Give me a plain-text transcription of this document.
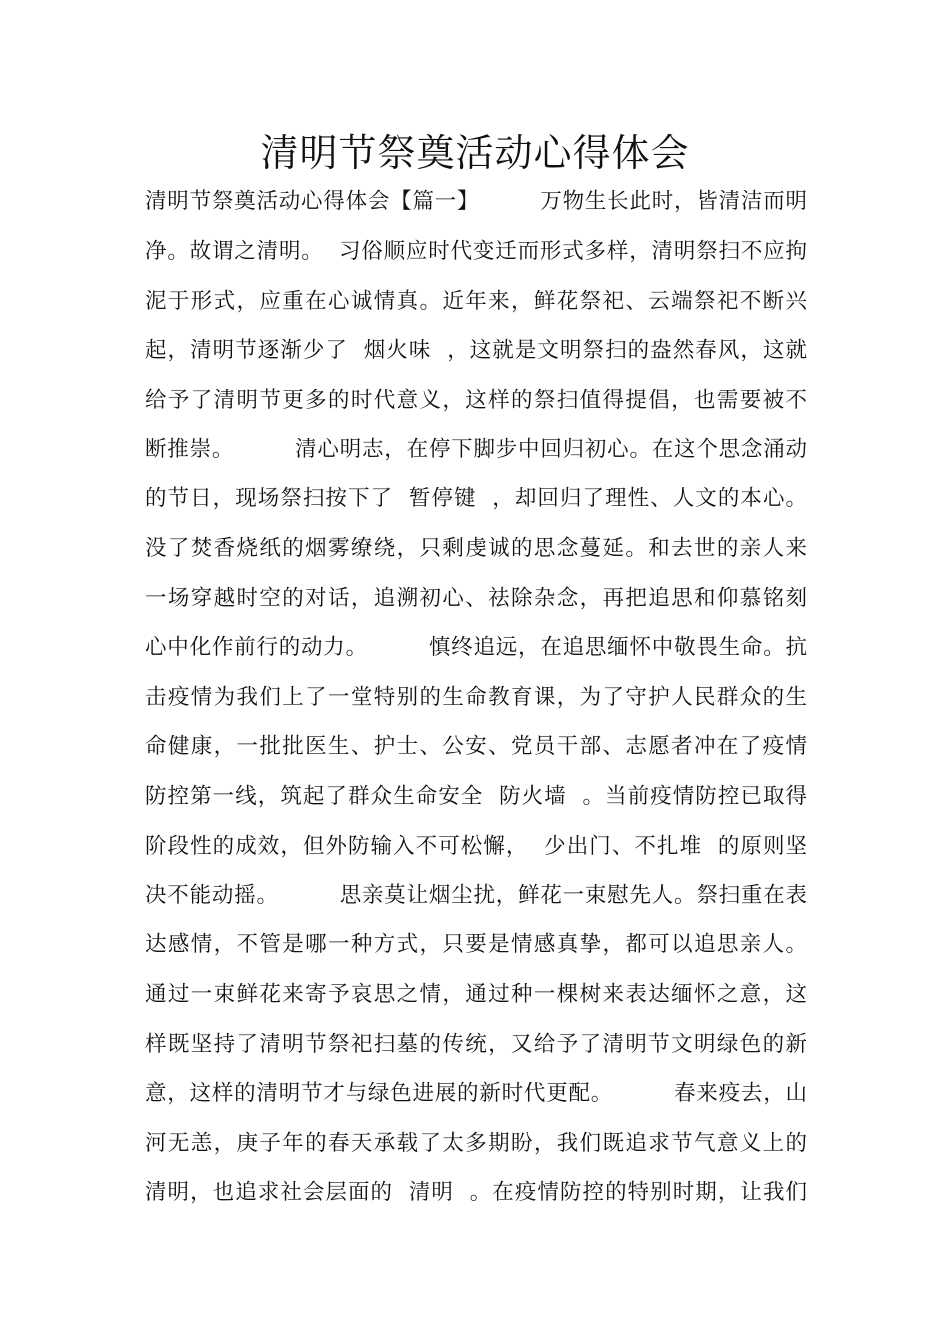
清明节祭奠活动心得体会
清明节祭奠活动心得体会【篇一】        万物生长此时，皆清洁而明
净。故谓之清明。  习俗顺应时代变迁而形式多样，清明祭扫不应拘
泥于形式，应重在心诚情真。近年来，鲜花祭祀、云端祭祀不断兴
起，清明节逐渐少了  烟火味  ，这就是文明祭扫的盎然春风，这就
给予了清明节更多的时代意义，这样的祭扫值得提倡，也需要被不
断推崇。        清心明志，在停下脚步中回归初心。在这个思念涌动
的节日，现场祭扫按下了  暂停键  ，却回归了理性、人文的本心。
没了焚香烧纸的烟雾缭绕，只剩虔诚的思念蔓延。和去世的亲人来
一场穿越时空的对话，追溯初心、祛除杂念，再把追思和仰慕铭刻
心中化作前行的动力。        慎终追远，在追思缅怀中敬畏生命。抗
击疫情为我们上了一堂特别的生命教育课，为了守护人民群众的生
命健康，一批批医生、护士、公安、党员干部、志愿者冲在了疫情
防控第一线，筑起了群众生命安全  防火墙  。当前疫情防控已取得
阶段性的成效，但外防输入不可松懈，  少出门、不扎堆  的原则坚
决不能动摇。        思亲莫让烟尘扰，鲜花一束慰先人。祭扫重在表
达感情，不管是哪一种方式，只要是情感真挚，都可以追思亲人。
通过一束鲜花来寄予哀思之情，通过种一棵树来表达缅怀之意，这
样既坚持了清明节祭祀扫墓的传统，又给予了清明节文明绿色的新
意，这样的清明节才与绿色进展的新时代更配。        春来疫去，山
河无恙，庚子年的春天承载了太多期盼，我们既追求节气意义上的
清明，也追求社会层面的  清明  。在疫情防控的特别时期，让我们
